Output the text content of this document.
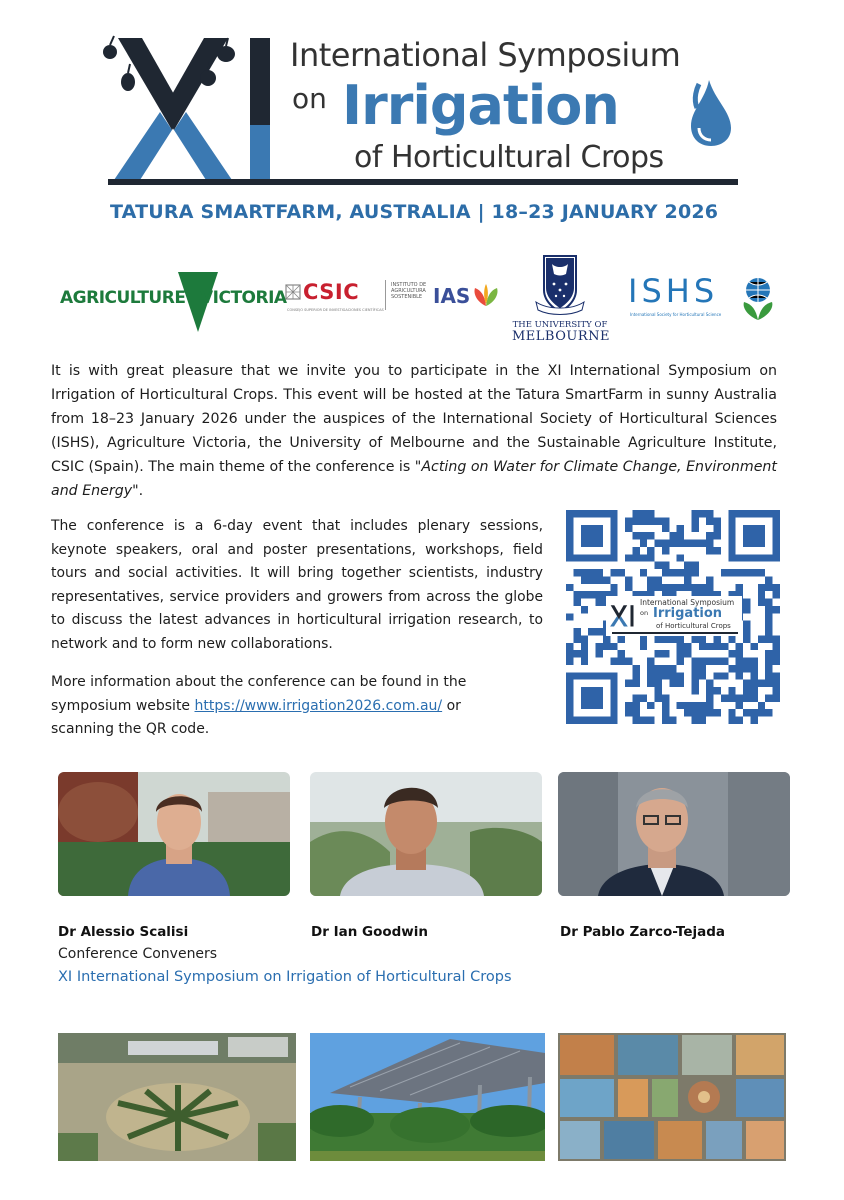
International Symposium
on Irrigation
of Horticultural Crops
TATURA SMARTFARM, AUSTRALIA | 18–23 JANUARY 2026
AGRICULTURE VICTORIA CSIC
CONSEJO SUPERIOR DE INVESTIGACIONES CIENTÍFICAS
INSTITUTO DE AGRICULTURA SOSTENIBLE IAS
THE UNIVERSITY OF
MELBOURNE
ISHS
International Society for Horticultural Science

It is with great pleasure that we invite you to participate in the XI International Symposium on Irrigation of Horticultural Crops. This event will be hosted at the Tatura SmartFarm in sunny Australia from 18–23 January 2026 under the auspices of the International Society of Horticultural Sciences (ISHS), Agriculture Victoria, the University of Melbourne and the Sustainable Agriculture Institute, CSIC (Spain). The main theme of the conference is "Acting on Water for Climate Change, Environment and Energy".

The conference is a 6-day event that includes plenary sessions, keynote speakers, oral and poster presentations, workshops, field tours and social activities. It will bring together scientists, industry representatives, service providers and growers from across the globe to discuss the latest advances in horticultural irrigation research, to network and to form new collaborations.

More information about the conference can be found in the symposium website https://www.irrigation2026.com.au/ or scanning the QR code.

International Symposium
on Irrigation
of Horticultural Crops
Dr Alessio Scalisi	Dr Ian Goodwin	Dr Pablo Zarco-Tejada
Conference Conveners
XI International Symposium on Irrigation of Horticultural Crops
